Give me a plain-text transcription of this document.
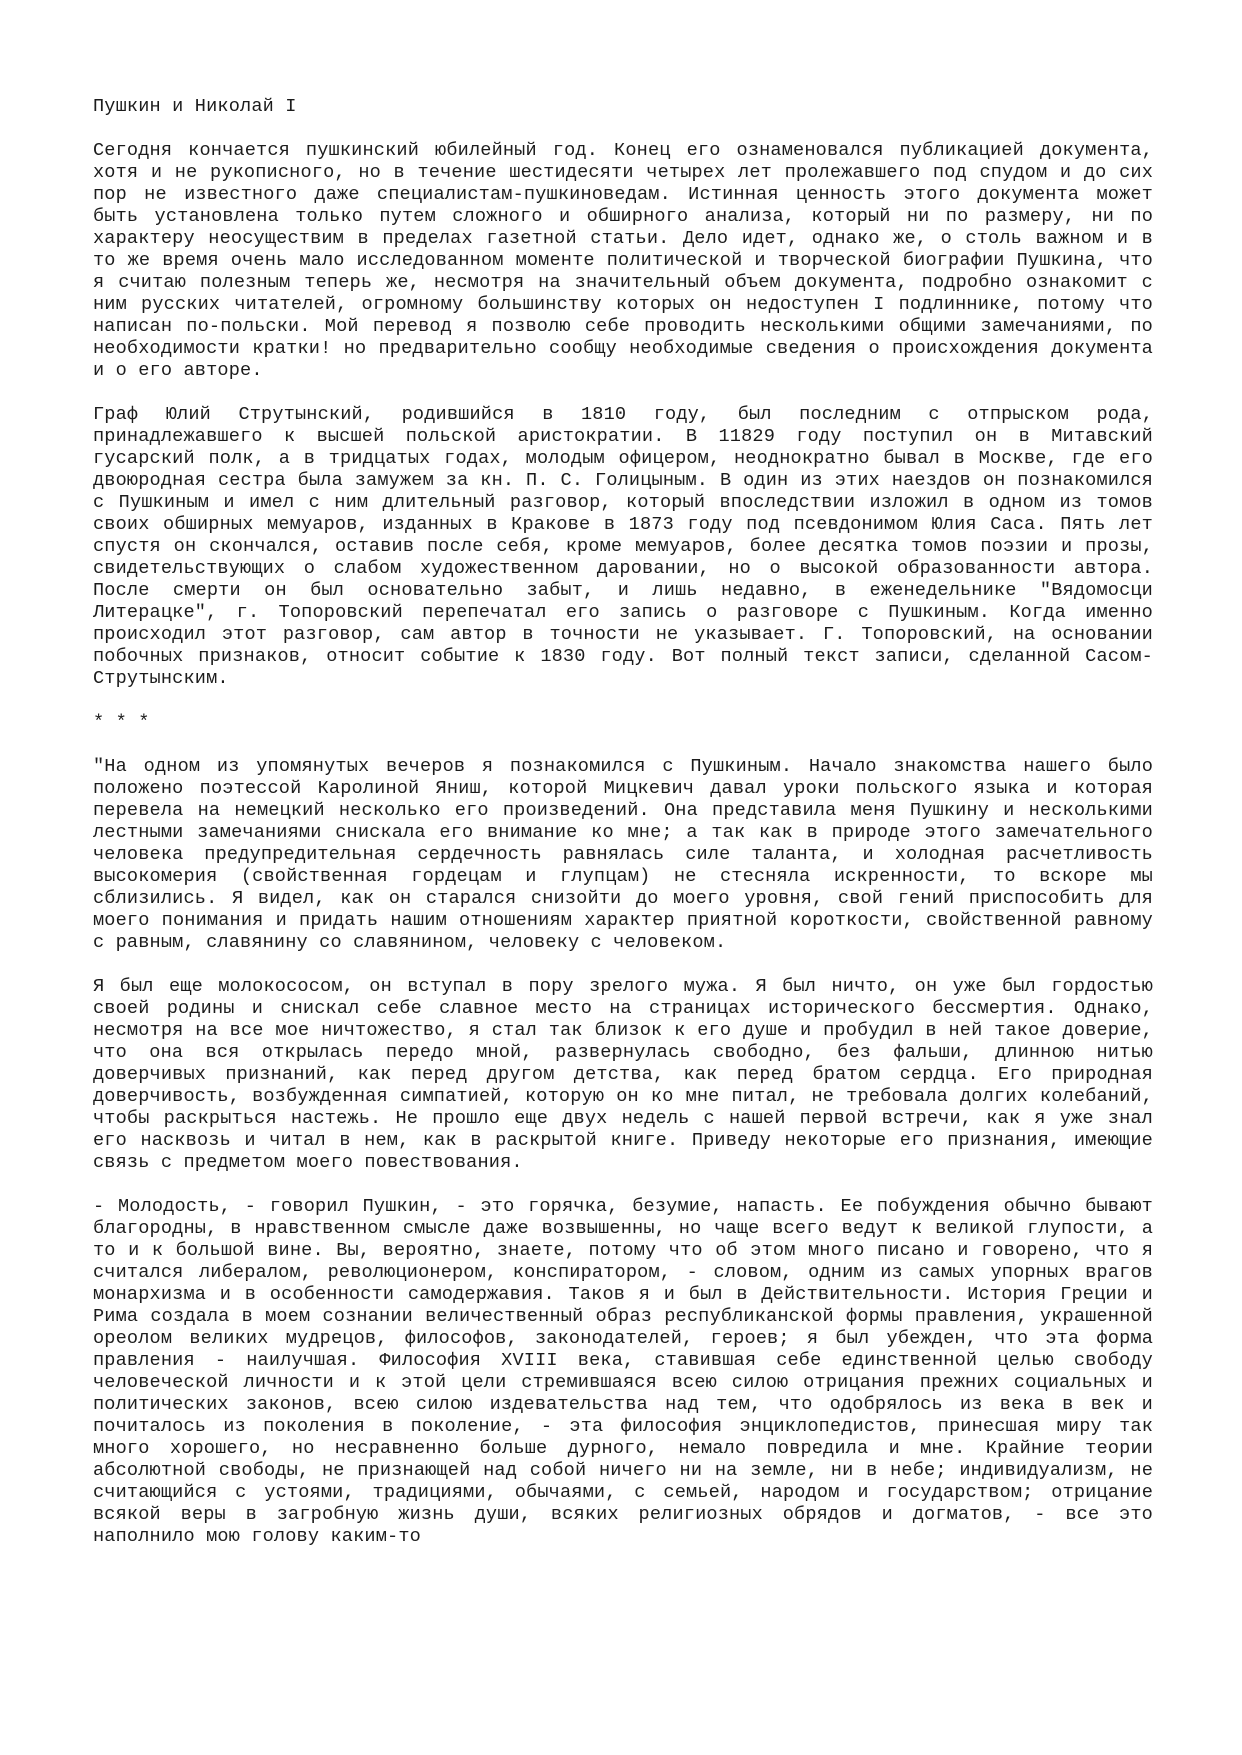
Пушкин и Николай I

Сегодня кончается пушкинский юбилейный год. Конец его ознаменовался публикацией документа, хотя и не рукописного, но в течение шестидесяти четырех лет пролежавшего под спудом и до сих пор не известного даже специалистам-пушкиноведам. Истинная ценность этого документа может быть установлена только путем сложного и обширного анализа, который ни по размеру, ни по характеру неосуществим в пределах газетной статьи. Дело идет, однако же, о столь важном и в то же время очень мало исследованном моменте политической и творческой биографии Пушкина, что я считаю полезным теперь же, несмотря на значительный объем документа, подробно ознакомит с ним русских читателей, огромному большинству которых он недоступен I подлиннике, потому что написан по-польски. Мой перевод я позволю себе проводить несколькими общими замечаниями, по необходимости кратки! но предварительно сообщу необходимые сведения о происхождения документа и о его авторе.

Граф Юлий Струтынский, родившийся в 1810 году, был последним с отпрыском рода, принадлежавшего к высшей польской аристократии. В 11829 году поступил он в Митавский гусарский полк, а в тридцатых годах, молодым офицером, неоднократно бывал в Москве, где его двоюродная сестра была замужем за кн. П. С. Голицыным. В один из этих наездов он познакомился с Пушкиным и имел с ним длительный разговор, который впоследствии изложил в одном из томов своих обширных мемуаров, изданных в Кракове в 1873 году под псевдонимом Юлия Саса. Пять лет спустя он скончался, оставив после себя, кроме мемуаров, более десятка томов поэзии и прозы, свидетельствующих о слабом художественном даровании, но о высокой образованности автора. После смерти он был основательно забыт, и лишь недавно, в еженедельнике "Вядомосци Литерацке", г. Топоровский перепечатал его запись о разговоре с Пушкиным. Когда именно происходил этот разговор, сам автор в точности не указывает. Г. Топоровский, на основании побочных признаков, относит событие к 1830 году. Вот полный текст записи, сделанной Сасом-Струтынским.

* * *

"На одном из упомянутых вечеров я познакомился с Пушкиным. Начало знакомства нашего было положено поэтессой Каролиной Яниш, которой Мицкевич давал уроки польского языка и которая перевела на немецкий несколько его произведений. Она представила меня Пушкину и несколькими лестными замечаниями снискала его внимание ко мне; а так как в природе этого замечательного человека предупредительная сердечность равнялась силе таланта, и холодная расчетливость высокомерия (свойственная гордецам и глупцам) не стесняла искренности, то вскоре мы сблизились. Я видел, как он старался снизойти до моего уровня, свой гений приспособить для моего понимания и придать нашим отношениям характер приятной короткости, свойственной равному с равным, славянину со славянином, человеку с человеком.

Я был еще молокососом, он вступал в пору зрелого мужа. Я был ничто, он уже был гордостью своей родины и снискал себе славное место на страницах исторического бессмертия. Однако, несмотря на все мое ничтожество, я стал так близок к его душе и пробудил в ней такое доверие, что она вся открылась передо мной, развернулась свободно, без фальши, длинною нитью доверчивых признаний, как перед другом детства, как перед братом сердца. Его природная доверчивость, возбужденная симпатией, которую он ко мне питал, не требовала долгих колебаний, чтобы раскрыться настежь. Не прошло еще двух недель с нашей первой встречи, как я уже знал его насквозь и читал в нем, как в раскрытой книге. Приведу некоторые его признания, имеющие связь с предметом моего повествования.

- Молодость, - говорил Пушкин, - это горячка, безумие, напасть. Ее побуждения обычно бывают благородны, в нравственном смысле даже возвышенны, но чаще всего ведут к великой глупости, а то и к большой вине. Вы, вероятно, знаете, потому что об этом много писано и говорено, что я считался либералом, революционером, конспиратором, - словом, одним из самых упорных врагов монархизма и в особенности самодержавия. Таков я и был в Действительности. История Греции и Рима создала в моем сознании величественный образ республиканской формы правления, украшенной ореолом великих мудрецов, философов, законодателей, героев; я был убежден, что эта форма правления - наилучшая. Философия XVIII века, ставившая себе единственной целью свободу человеческой личности и к этой цели стремившаяся всею силою отрицания прежних социальных и политических законов, всею силою издевательства над тем, что одобрялось из века в век и почиталось из поколения в поколение, - эта философия энциклопедистов, принесшая миру так много хорошего, но несравненно больше дурного, немало повредила и мне. Крайние теории абсолютной свободы, не признающей над собой ничего ни на земле, ни в небе; индивидуализм, не считающийся с устоями, традициями, обычаями, с семьей, народом и государством; отрицание всякой веры в загробную жизнь души, всяких религиозных обрядов и догматов, - все это наполнило мою голову каким-то
